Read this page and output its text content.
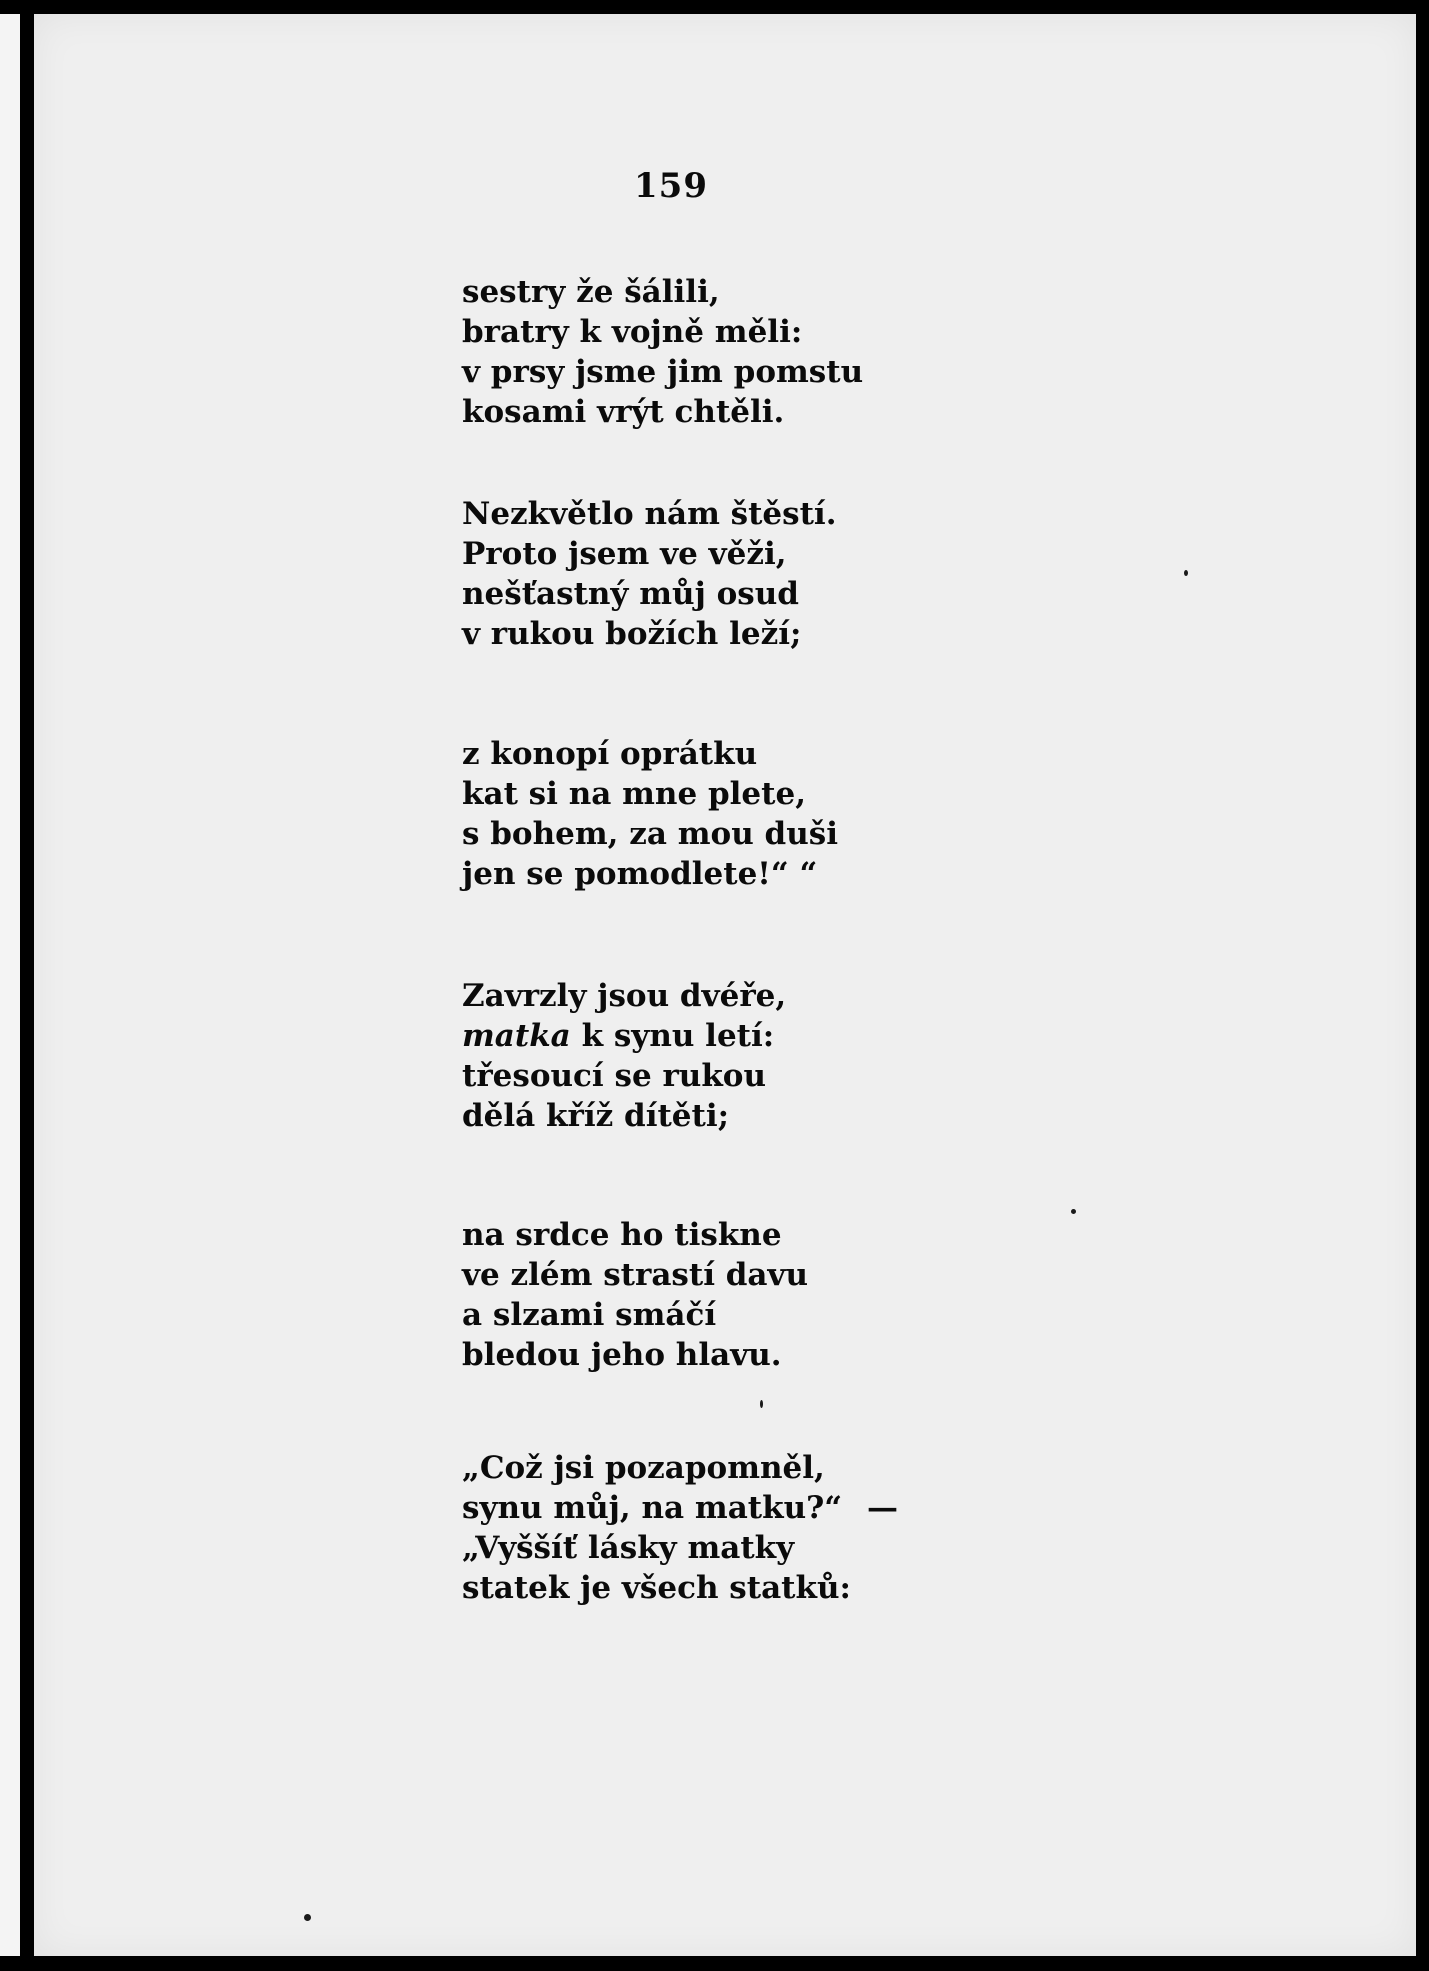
159
sestry že šálili,
bratry k vojně měli:
v prsy jsme jim pomstu
kosami vrýt chtěli.
Nezkvětlo nám štěstí.
Proto jsem ve věži,
nešťastný můj osud
v rukou božích leží;
z konopí oprátku
kat si na mne plete,
s bohem, za mou duši
jen se pomodlete!“ “
Zavrzly jsou dvéře,
matka k synu letí:
třesoucí se rukou
dělá kříž dítěti;
na srdce ho tiskne
ve zlém strastí davu
a slzami smáčí
bledou jeho hlavu.
„Což jsi pozapomněl,
synu můj, na matku?“ —
„Vyššíť lásky matky
statek je všech statků:
